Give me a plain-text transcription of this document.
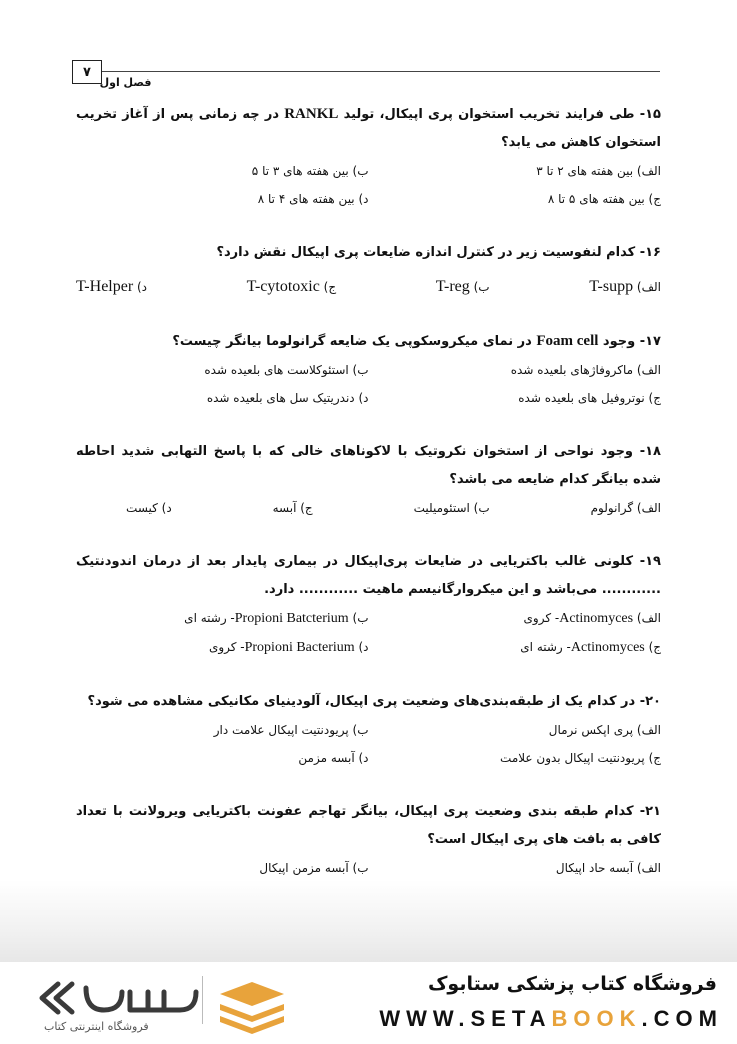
۷
فصل اول

۱۵- طی فرایند تخریب استخوان پری اپیکال، تولید RANKL در چه زمانی پس از آغاز تخریب استخوان کاهش می یابد؟

الف) بین هفته های ۲ تا ۳
ب) بین هفته های ۳ تا ۵
ج) بین هفته های ۵ تا ۸
د) بین هفته های ۴ تا ۸

۱۶- کدام لنفوسیت زیر در کنترل اندازه ضایعات پری اپیکال نقش دارد؟

الف) T-supp
ب) T-reg
ج) T-cytotoxic
د) T-Helper

۱۷- وجود Foam cell در نمای میکروسکوپی یک ضایعه گرانولوما بیانگر چیست؟

الف) ماکروفاژهای بلعیده شده
ب) استئوکلاست های بلعیده شده
ج) نوتروفیل های بلعیده شده
د) دندریتیک سل های بلعیده شده

۱۸- وجود نواحی از استخوان نکروتیک با لاکوناهای خالی که با پاسخ التهابی شدید احاطه شده بیانگر کدام ضایعه می باشد؟

الف) گرانولوم
ب) استئومیلیت
ج) آبسه
د) کیست

۱۹- کلونی غالب باکتریایی در ضایعات پری‌اپیکال در بیماری پایدار بعد از درمان اندودنتیک ............ می‌باشد و این میکروارگانیسم ماهیت ............ دارد.

الف) Actinomyces- کروی
ب) Propioni Batcterium- رشته ای
ج) Actinomyces- رشته ای
د) Propioni Bacterium- کروی

۲۰- در کدام یک از طبقه‌بندی‌های وضعیت پری اپیکال، آلودینیای مکانیکی مشاهده می شود؟

الف) پری اپکس نرمال
ب) پریودنتیت اپیکال علامت دار
ج) پریودنتیت اپیکال بدون علامت
د) آبسه مزمن

۲۱- کدام طبقه بندی وضعیت پری اپیکال، بیانگر تهاجم عفونت باکتریایی ویرولانت با تعداد کافی به بافت های پری اپیکال است؟

الف) آبسه حاد اپیکال
ب) آبسه مزمن اپیکال
فروشگاه اینترنتی کتاب
فروشگاه کتاب پزشکی ستابوک
WWW.SETABOOK.COM
